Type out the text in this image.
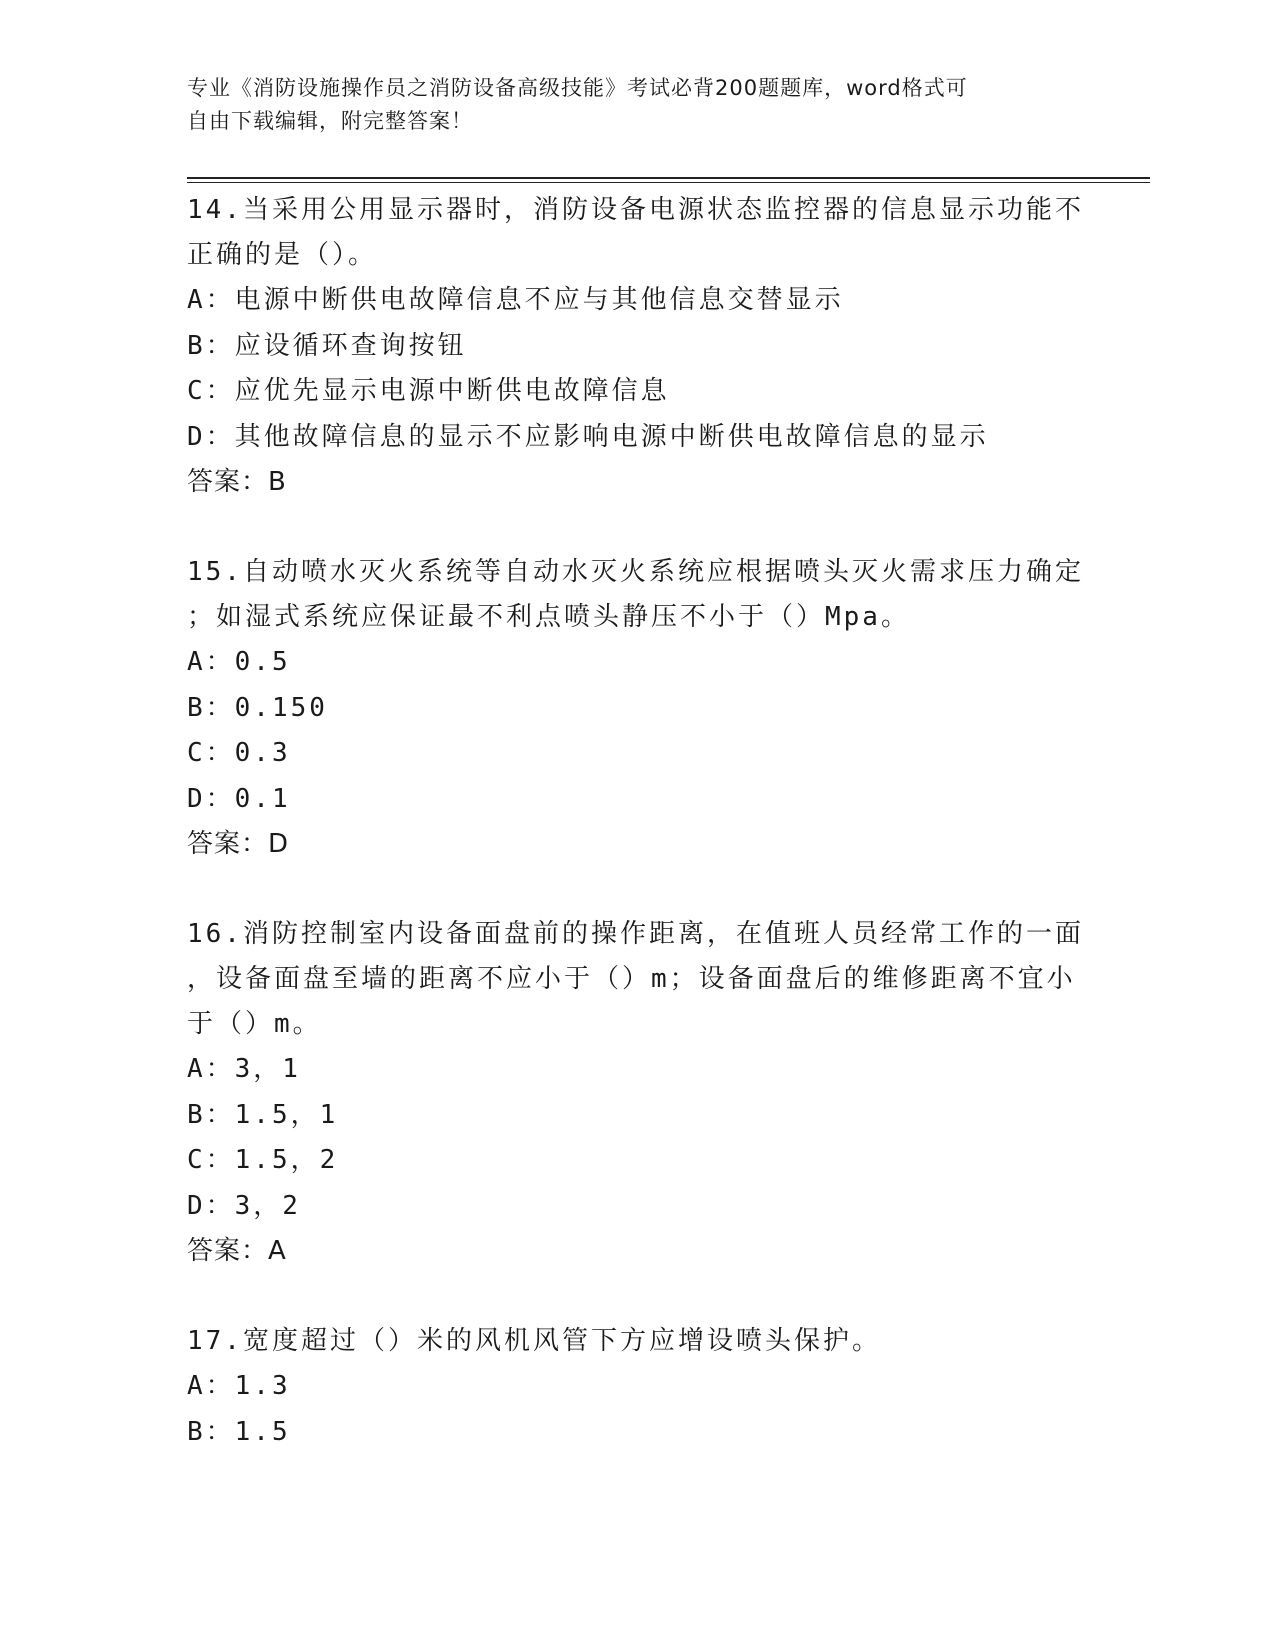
专业《消防设施操作员之消防设备高级技能》考试必背200题题库，word格式可
自由下载编辑，附完整答案！
14.当采用公用显示器时，消防设备电源状态监控器的信息显示功能不
正确的是（）。
A：电源中断供电故障信息不应与其他信息交替显示
B：应设循环查询按钮
C：应优先显示电源中断供电故障信息
D：其他故障信息的显示不应影响电源中断供电故障信息的显示
答案：B
15.自动喷水灭火系统等自动水灭火系统应根据喷头灭火需求压力确定
；如湿式系统应保证最不利点喷头静压不小于（）Mpa。
A：0.5
B：0.150
C：0.3
D：0.1
答案：D
16.消防控制室内设备面盘前的操作距离，在值班人员经常工作的一面
，设备面盘至墙的距离不应小于（）m；设备面盘后的维修距离不宜小
于（）m。
A：3，1
B：1.5，1
C：1.5，2
D：3，2
答案：A
17.宽度超过（）米的风机风管下方应增设喷头保护。
A：1.3
B：1.5
